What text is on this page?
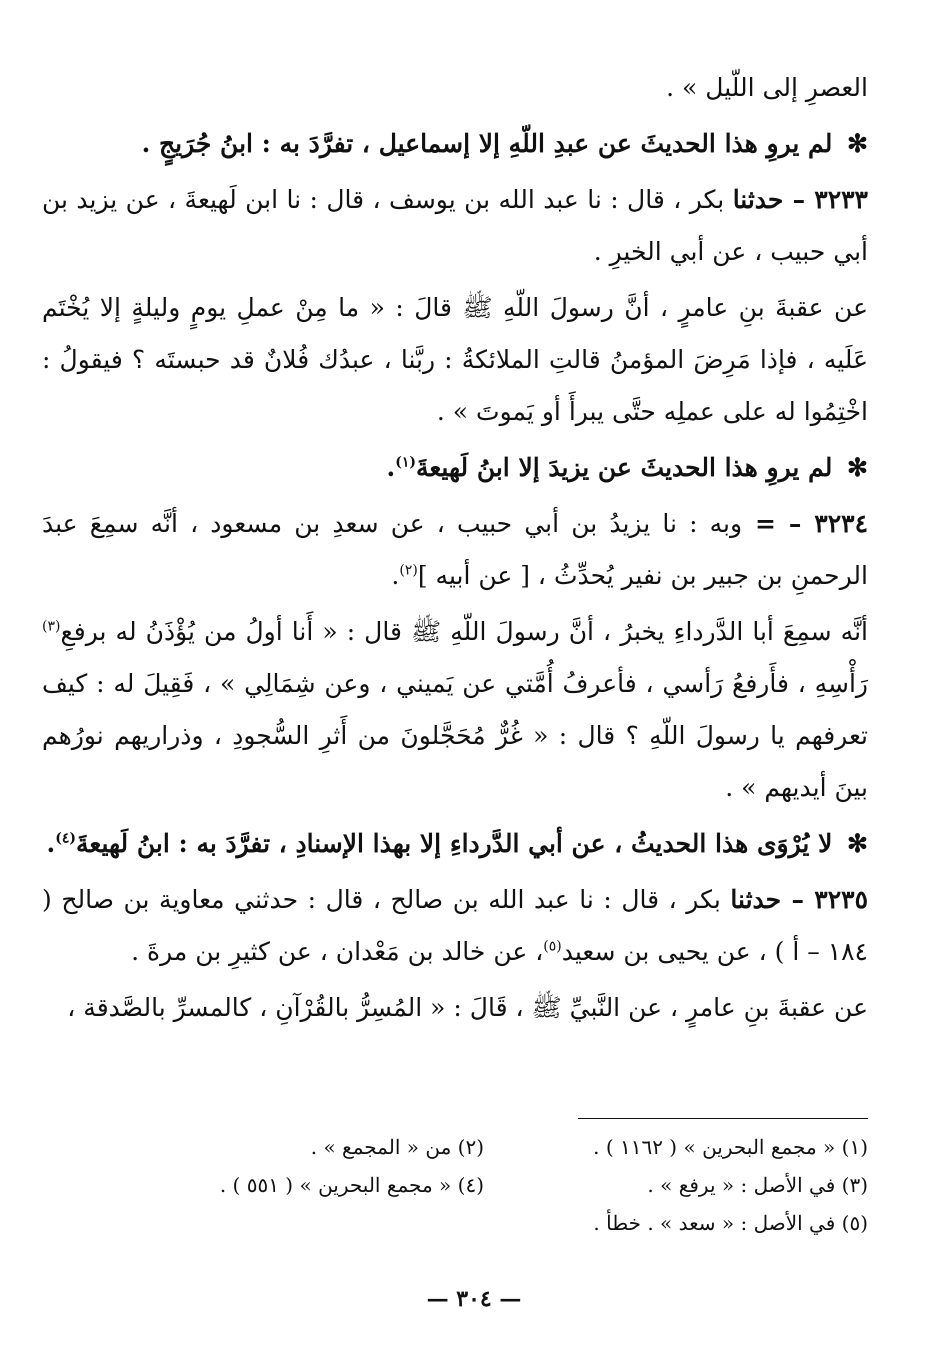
العصرِ إلى اللّيل » .

✻ لم يروِ هذا الحديثَ عن عبدِ اللّهِ إلا إسماعيل ، تفرَّدَ به : ابنُ جُرَيجٍ .

٣٢٣٣ – حدثنا بكر ، قال : نا عبد الله بن يوسف ، قال : نا ابن لَهيعةَ ، عن يزيد بن أبي حبيب ، عن أبي الخيرِ .

عن عقبةَ بنِ عامرٍ ، أنَّ رسولَ اللّهِ ﷺ قالَ : « ما مِنْ عملِ يومٍ وليلةٍ إلا يُخْتَم عَلَيه ، فإذا مَرِضَ المؤمنُ قالتِ الملائكةُ : ربَّنا ، عبدُك فُلانٌ قد حبستَه ؟ فيقولُ : اخْتِمُوا له على عملِه حتَّى يبرأَ أو يَموتَ » .

✻ لم يروِ هذا الحديثَ عن يزيدَ إلا ابنُ لَهيعةَ$^{(١)}$.

٣٢٣٤ – = وبه : نا يزيدُ بن أبي حبيب ، عن سعدِ بن مسعود ، أنَّه سمِعَ عبدَ الرحمنِ بن جبير بن نفير يُحدِّثُ ، [ عن أبيه ]$^{(٢)}$.

أنَّه سمِعَ أبا الدَّرداءِ يخبرُ ، أنَّ رسولَ اللّهِ ﷺ قال : « أَنا أولُ من يُؤْذَنُ له برفعِ$^{(٣)}$ رَأْسِهِ ، فأَرفعُ رَأسي ، فأعرفُ أُمَّتي عن يَميني ، وعن شِمَالِي » ، فَقِيلَ له : كيف تعرفهم يا رسولَ اللّهِ ؟ قال : « غُرٌّ مُحَجَّلونَ من أَثرِ السُّجودِ ، وذراريهم نورُهم بينَ أيديهم » .

✻ لا يُرْوَى هذا الحديثُ ، عن أبي الدَّرداءِ إلا بهذا الإسنادِ ، تفرَّدَ به : ابنُ لَهيعةَ$^{(٤)}$.

٣٢٣٥ – حدثنا بكر ، قال : نا عبد الله بن صالح ، قال : حدثني معاوية بن صالح ( ١٨٤ – أ ) ، عن يحيى بن سعيد$^{(٥)}$، عن خالد بن مَعْدان ، عن كثيرِ بن مرةَ .

عن عقبةَ بنِ عامرٍ ، عن النَّبيِّ ﷺ ، قَالَ : « المُسِرُّ بالقُرْآنِ ، كالمسرِّ بالصَّدقة ،

(١) « مجمع البحرين » ( ١١٦٢ ) .
(٢) من « المجمع » .
(٣) في الأصل : « يرفع » .
(٤) « مجمع البحرين » ( ٥٥١ ) .
(٥) في الأصل : « سعد » . خطأ .
— ٣٠٤ —
